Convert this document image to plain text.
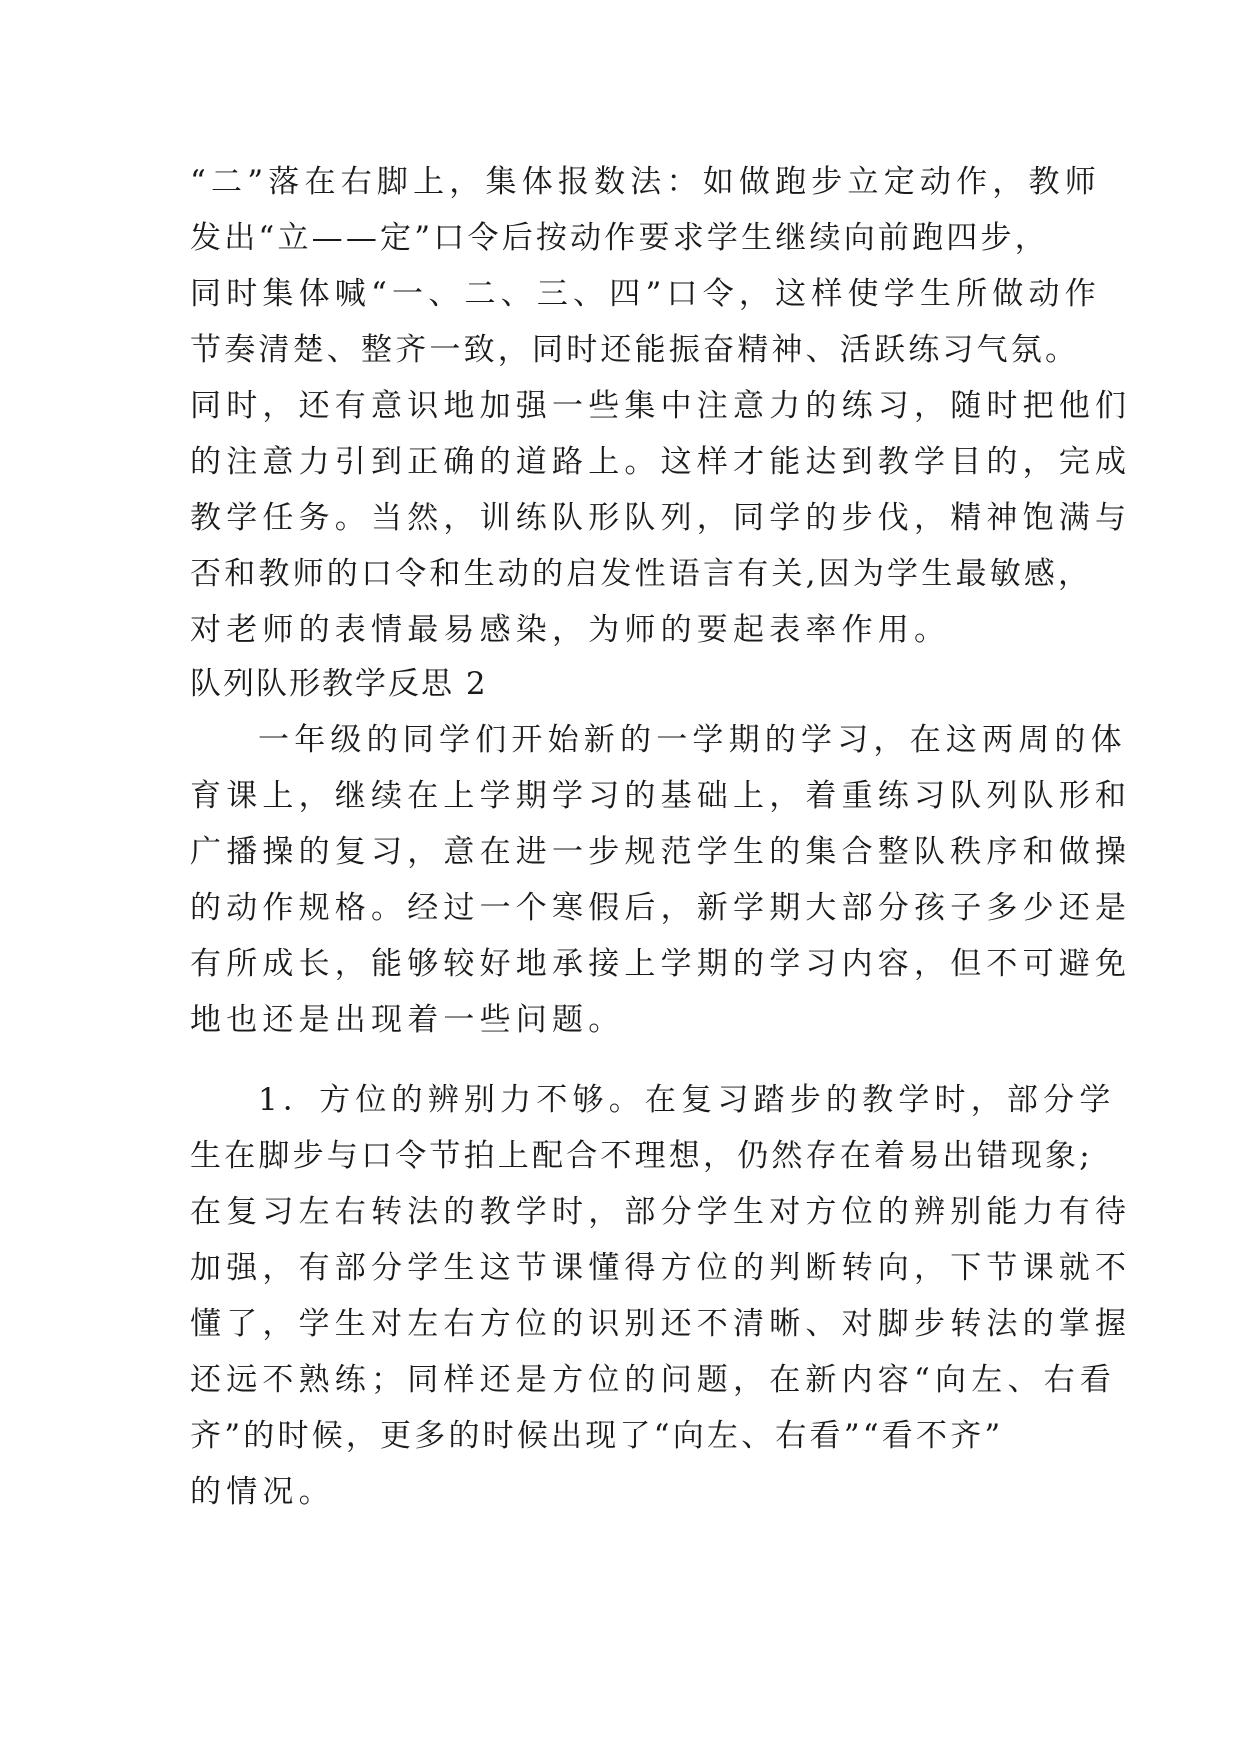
“二”落在右脚上，集体报数法：如做跑步立定动作，教师
发出“立——定”口令后按动作要求学生继续向前跑四步，
同时集体喊“一、二、三、四”口令，这样使学生所做动作
节奏清楚、整齐一致，同时还能振奋精神、活跃练习气氛。
同时，还有意识地加强一些集中注意力的练习，随时把他们
的注意力引到正确的道路上。这样才能达到教学目的，完成
教学任务。当然，训练队形队列，同学的步伐，精神饱满与
否和教师的口令和生动的启发性语言有关,因为学生最敏感，
对老师的表情最易感染，为师的要起表率作用。
队列队形教学反思 2
一年级的同学们开始新的一学期的学习，在这两周的体
育课上，继续在上学期学习的基础上，着重练习队列队形和
广播操的复习，意在进一步规范学生的集合整队秩序和做操
的动作规格。经过一个寒假后，新学期大部分孩子多少还是
有所成长，能够较好地承接上学期的学习内容，但不可避免
地也还是出现着一些问题。
1．方位的辨别力不够。在复习踏步的教学时，部分学
生在脚步与口令节拍上配合不理想，仍然存在着易出错现象;
在复习左右转法的教学时，部分学生对方位的辨别能力有待
加强，有部分学生这节课懂得方位的判断转向，下节课就不
懂了，学生对左右方位的识别还不清晰、对脚步转法的掌握
还远不熟练；同样还是方位的问题，在新内容“向左、右看
齐”的时候，更多的时候出现了“向左、右看”“看不齐”
的情况。
